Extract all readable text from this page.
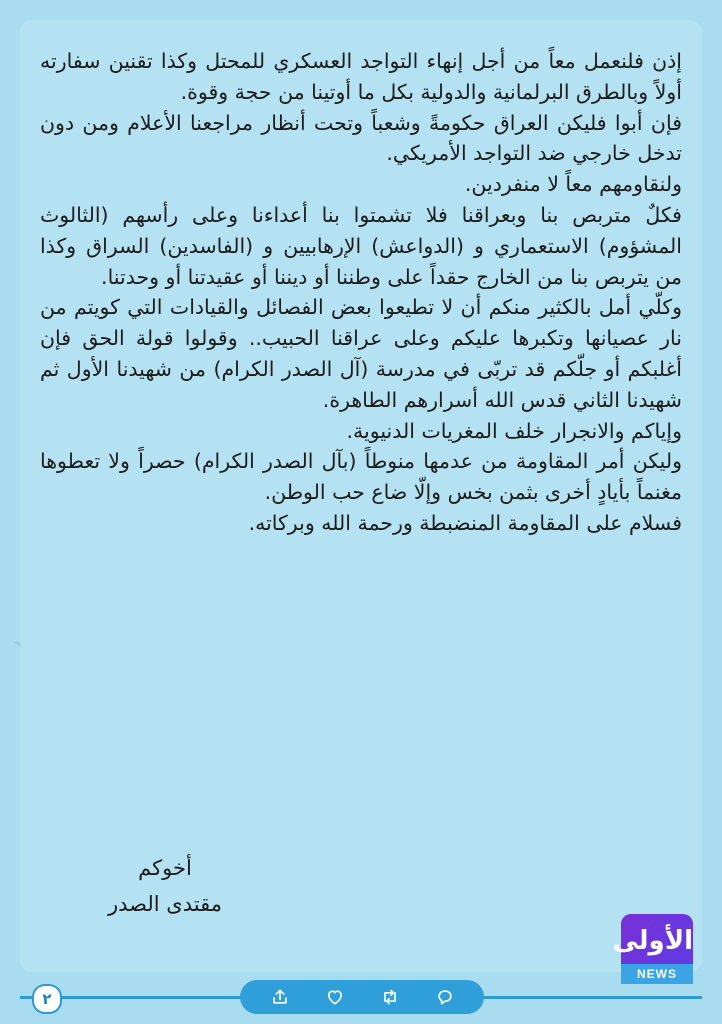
إذن فلنعمل معاً من أجل إنهاء التواجد العسكري للمحتل وكذا تقنين سفارته أولاً وبالطرق البرلمانية والدولية بكل ما أوتينا من حجة وقوة.

فإن أبوا فليكن العراق حكومةً وشعباً وتحت أنظار مراجعنا الأعلام ومن دون تدخل خارجي ضد التواجد الأمريكي.

ولنقاومهم معاً لا منفردين.

فكلٌ متربص بنا وبعراقنا فلا تشمتوا بنا أعداءنا وعلى رأسهم (الثالوث المشؤوم) الاستعماري و (الدواعش) الإرهابيين و (الفاسدين) السراق وكذا من يتربص بنا من الخارج حقداً على وطننا أو ديننا أو عقيدتنا أو وحدتنا.

وكلّي أمل بالكثير منكم أن لا تطيعوا بعض الفصائل والقيادات التي كويتم من نار عصيانها وتكبرها عليكم وعلى عراقنا الحبيب.. وقولوا قولة الحق فإن أغلبكم أو جلّكم قد تربّى في مدرسة (آل الصدر الكرام) من شهيدنا الأول ثم شهيدنا الثاني قدس الله أسرارهم الطاهرة.

وإياكم والانجرار خلف المغريات الدنيوية.

وليكن أمر المقاومة من عدمها منوطاً (بآل الصدر الكرام) حصراً ولا تعطوها مغنماً بأيادٍ أخرى بثمن بخس وإلّا ضاع حب الوطن.

فسلام على المقاومة المنضبطة ورحمة الله وبركاته.

أخوكم
مقتدى الصدر
الأولى
NEWS
٢
